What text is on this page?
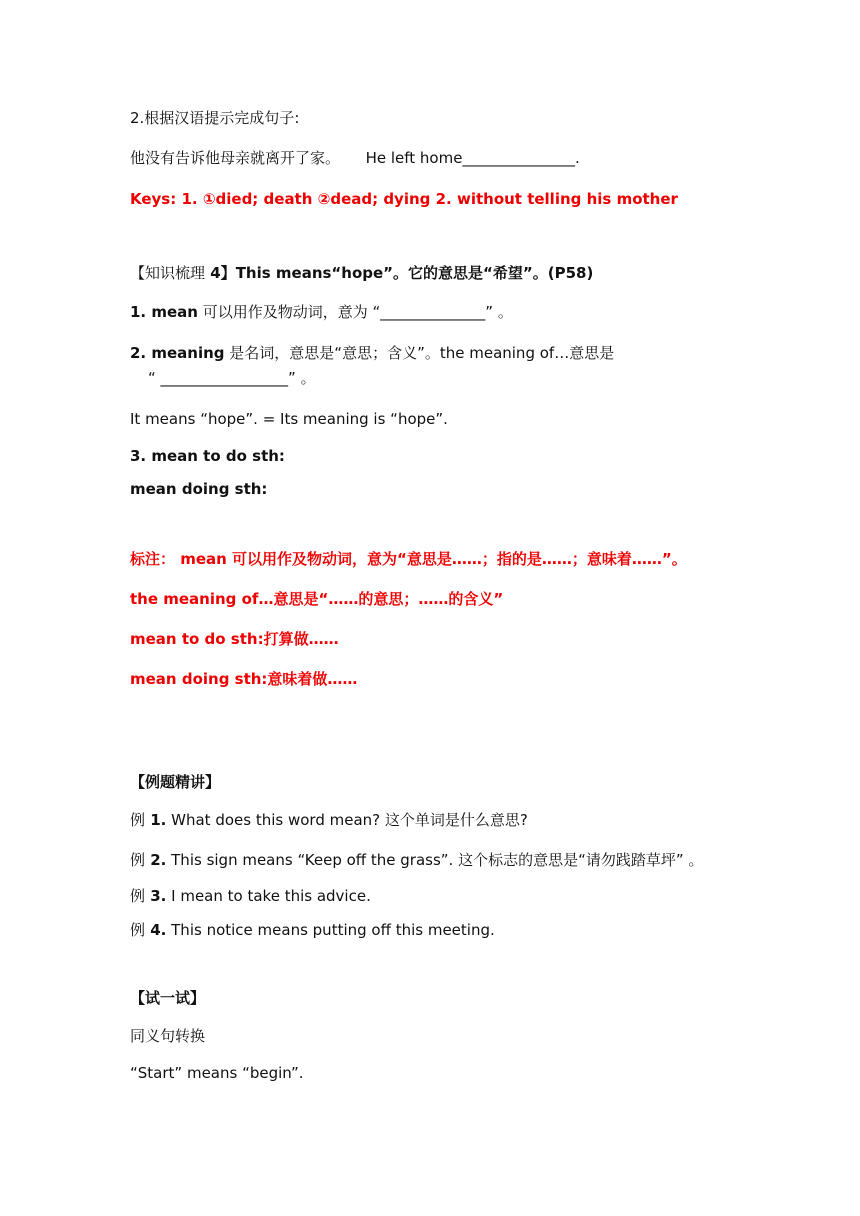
2.根据汉语提示完成句子:
他没有告诉他母亲就离开了家。 He left home_______________.
Keys: 1. ①died; death ②dead; dying 2. without telling his mother
【知识梳理 4】This means“hope”。它的意思是“希望”。(P58)
1. mean 可以用作及物动词，意为 “______________” 。
2. meaning 是名词，意思是“意思；含义”。the meaning of…意思是
“ _________________” 。
It means “hope”. = Its meaning is “hope”.
3. mean to do sth:
mean doing sth:
标注： mean 可以用作及物动词，意为“意思是……；指的是……；意味着……”。
the meaning of…意思是“……的意思；……的含义”
mean to do sth:打算做……
mean doing sth:意味着做……
【例题精讲】
例 1. What does this word mean? 这个单词是什么意思?
例 2. This sign means “Keep off the grass”. 这个标志的意思是“请勿践踏草坪” 。
例 3. I mean to take this advice.
例 4. This notice means putting off this meeting.
【试一试】
同义句转换
“Start” means “begin”.
